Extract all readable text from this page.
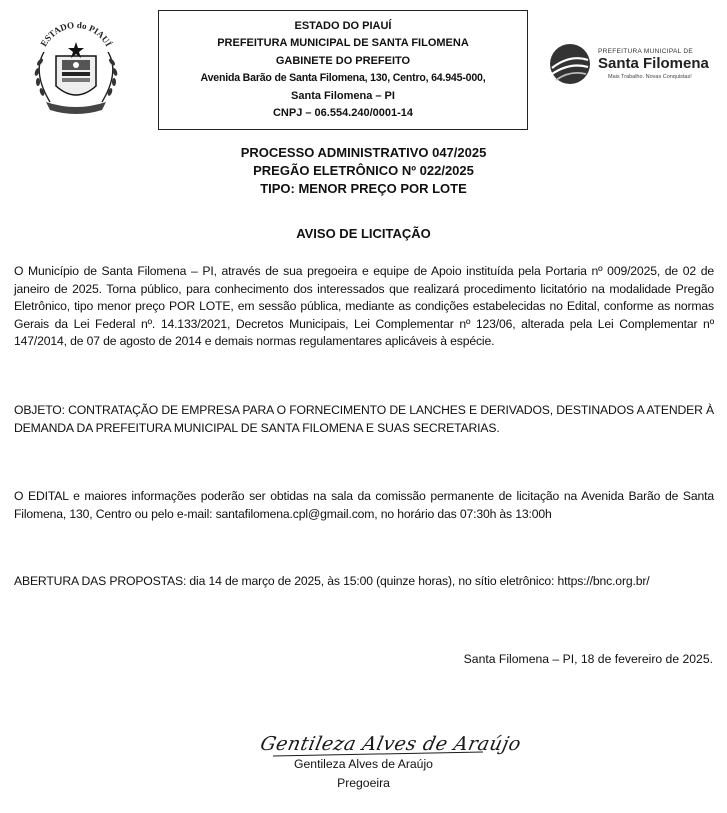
ESTADO do PIAUÍ
ESTADO DO PIAUÍ
PREFEITURA MUNICIPAL DE SANTA FILOMENA
GABINETE DO PREFEITO
Avenida Barão de Santa Filomena, 130, Centro, 64.945-000,
Santa Filomena – PI
CNPJ – 06.554.240/0001-14
PREFEITURA MUNICIPAL DE
Santa Filomena
Mais Trabalho. Novas Conquistas!
PROCESSO ADMINISTRATIVO 047/2025
PREGÃO ELETRÔNICO Nº 022/2025
TIPO: MENOR PREÇO POR LOTE
AVISO DE LICITAÇÃO
O Município de Santa Filomena – PI, através de sua pregoeira e equipe de Apoio instituída pela Portaria nº 009/2025, de 02 de janeiro de 2025. Torna público, para conhecimento dos interessados que realizará procedimento licitatório na modalidade Pregão Eletrônico, tipo menor preço POR LOTE, em sessão pública, mediante as condições estabelecidas no Edital, conforme as normas Gerais da Lei Federal nº. 14.133/2021, Decretos Municipais, Lei Complementar nº 123/06, alterada pela Lei Complementar nº 147/2014, de 07 de agosto de 2014 e demais normas regulamentares aplicáveis à espécie.
OBJETO: CONTRATAÇÃO DE EMPRESA PARA O FORNECIMENTO DE LANCHES E DERIVADOS, DESTINADOS A ATENDER À DEMANDA DA PREFEITURA MUNICIPAL DE SANTA FILOMENA E SUAS SECRETARIAS.
O EDITAL e maiores informações poderão ser obtidas na sala da comissão permanente de licitação na Avenida Barão de Santa Filomena, 130, Centro ou pelo e-mail: santafilomena.cpl@gmail.com, no horário das 07:30h às 13:00h
ABERTURA DAS PROPOSTAS: dia 14 de março de 2025, às 15:00 (quinze horas), no sítio eletrônico: https://bnc.org.br/
Santa Filomena – PI, 18 de fevereiro de 2025.
Gentileza Alves de Araújo
Gentileza Alves de Araújo
Pregoeira
